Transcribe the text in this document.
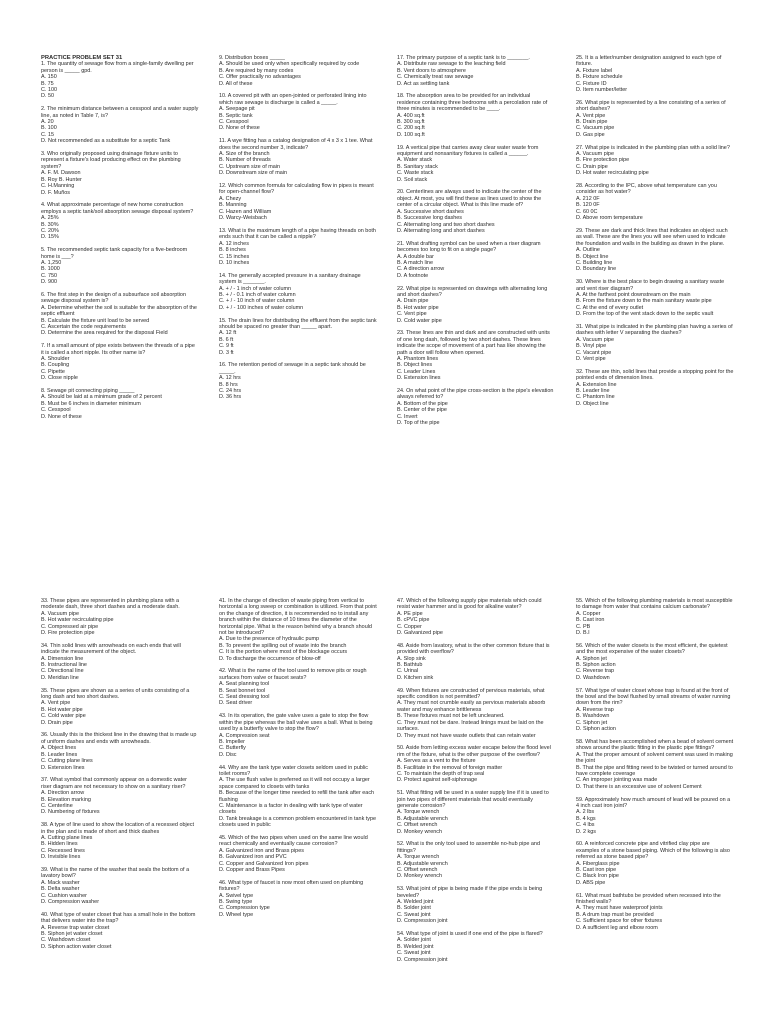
PRACTICE PROBLEM SET 31

1. The quantity of sewage flow from a single-family dwelling per person is _____ gpd.

A. 150

B. 75

C. 100

D. 50

2. The minimum distance between a cesspool and a water supply line, as noted in Table 7, is?

A. 20

B. 100

C. 15

D. Not recommended as a substitute for a septic Tank

3. Who originally proposed using drainage fixture units to represent a fixture's load producing effect on the plumbing system?

A. F. M. Dawson

B. Roy B. Hunter

C. H.Manning

D. F. Muños

4. What approximate percentage of new home construction employs a septic tank/soil absorption sewage disposal system?

A. 25%

B. 30%

C. 20%

D. 15%

5. The recommended septic tank capacity for a five-bedroom home is ___?

A. 1,250

B. 1000

C. 750

D. 900

6. The first step in the design of a subsurface soil absorption sewage disposal system is?

A. Determine whether the soil is suitable for the absorption of the septic effluent

B. Calculate the fixture unit load to be served

C. Ascertain the code requirements

D. Determine the area required for the disposal Field

7. If a small amount of pipe exists between the threads of a pipe it is called a short nipple. Its other name is?

A. Shoulder

B. Coupling

C. Pipette

D. Close nipple

8. Sewage pit connecting piping _____

A. Should be laid at a minimum grade of 2 percent

B. Must be 6 inches in diameter minimum

C. Cesspool

D. None of these

9. Distribution boxes _____

A. Should be used only when specifically required by code

B. Are required by many codes

C. Offer practically no advantages

D. All of these

10. A covered pit with an open-jointed or perforated lining into which raw sewage is discharge is called a _____.

A. Seepage pit

B. Septic tank

C. Cesspool

D. None of these

11. A wye fitting has a catalog designation of 4 x 3 x 1 tee. What does the second number 3, indicate?

A. Size of the branch

B. Number of threads

C. Upstream size of main

D. Downstream size of main

12. Which common formula for calculating flow in pipes is meant for open-channel flow?

A. Chezy

B. Manning

C. Hazen and William

D. Warcy-Weisbach

13. What is the maximum length of a pipe having threads on both ends such that it can be called a nipple?

A. 12 inches

B. 8 inches

C. 15 inches

D. 10 inches

14. The generally accepted pressure in a sanitary drainage system is _______.

A. + / - 1 inch of water column

B. + / - 0.1 inch of water column

C. + / - 10 inch of water column

D. + / - 100 inches of water column

15. The drain lines for distributing the effluent from the septic tank should be spaced no greater than _____ apart.

A. 12 ft

B. 6 ft

C. 9 ft

D. 3 ft

16. The retention period of sewage in a septic tank should be _____.

A. 12 hrs

B. 8 hrs

C. 24 hrs

D. 36 hrs

17. The primary purpose of a septic tank is to _______.

A. Distribute raw sewage to the leaching field

B. Vent doors to atmosphere

C. Chemically treat raw sewage

D. Act as settling tank

18. The absorption area to be provided for an individual residence containing three bedrooms with a percolation rate of three minutes is recommended to be ____.

A. 400 sq.ft

B. 300 sq.ft

C. 200 sq.ft

D. 100 sq.ft

19. A vertical pipe that carries away clear water waste from equipment and nonsanitary fixtures is called a ______.

A. Water stack

B. Sanitary stack

C. Waste stack

D. Soil stack

20. Centerlines are always used to indicate the center of the object. At most, you will find these as lines used to show the center of a circular object. What is this line made of?

A. Successive short dashes

B. Successive long dashes

C. Alternating long and two short dashes

D. Alternating long and short dashes

21. What drafting symbol can be used when a riser diagram becomes too long to fit on a single page?

A. A double bar

B. A match line

C. A direction arrow

D. A footnote

22. What pipe is represented on drawings with alternating long and short dashes?

A. Drain pipe

B. Hot water pipe

C. Vent pipe

D. Cold water pipe

23. These lines are thin and dark and are constructed with units of one long dash, followed by two short dashes. These lines indicate the scope of movement of a part has like showing the path a door will follow when opened.

A. Phantom lines

B. Object lines

C. Leader Lines

D. Extension lines

24. On what point of the pipe cross-section is the pipe's elevation always referred to?

A. Bottom of the pipe

B. Center of the pipe

C. Invert

D. Top of the pipe

25. It is a letter/number designation assigned to each type of fixture.

A. Fixture label

B. Fixture schedule

C. Fixture ID

D. Item number/letter

26. What pipe is represented by a line consisting of a series of short dashes?

A. Vent pipe

B. Drain pipe

C. Vacuum pipe

D. Gas pipe

27. What pipe is indicated in the plumbing plan with a solid line?

A. Vacuum pipe

B. Fire protection pipe

C. Drain pipe

D. Hot water recirculating pipe

28. According to the IPC, above what temperature can you consider as hot water?

A. 212 0F

B. 120 0F

C. 60 0C

D. Above room temperature

29. These are dark and thick lines that indicates an object such as wall. These are the lines you will see when used to indicate the foundation and walls in the building as drawn in the plane.

A. Outline

B. Object line

C. Building line

D. Boundary line

30. Where is the best place to begin drawing a sanitary waste and vent riser diagram?

A. At the farthest point downstream on the main

B. From the fixture down to the main sanitary waste pipe

C. At the end of every outlet

D. From the top of the vent stack down to the septic vault

31. What pipe is indicated in the plumbing plan having a series of dashes with letter V separating the dashes?

A. Vacuum pipe

B. Vinyl pipe

C. Vacant pipe

D. Vent pipe

32. These are thin, solid lines that provide a stopping point for the pointed ends of dimension lines.

A. Extension line

B. Leader line

C. Phantom line

D. Object line

33. These pipes are represented in plumbing plans with a moderate dash, three short dashes and a moderate dash.

A. Vacuum pipe

B. Hot water recirculating pipe

C. Compressed air pipe

D. Fire protection pipe

34. Thin solid lines with arrowheads on each ends that will indicate the measurement of the object.

A. Dimension line

B. Instructional line

C. Directional line

D. Meridian line

35. These pipes are shown as a series of units consisting of a long dash and two short dashes.

A. Vent pipe

B. Hot water pipe

C. Cold water pipe

D. Drain pipe

36. Usually this is the thickest line in the drawing that is made up of uniform dashes and ends with arrowheads.

A. Object lines

B. Leader lines

C. Cutting plane lines

D. Extension lines

37. What symbol that commonly appear on a domestic water riser diagram are not necessary to show on a sanitary riser?

A. Direction arrow

B. Elevation marking

C. Centerline

D. Numbering of fixtures

38. A type of line used to show the location of a recessed object in the plan and is made of short and thick dashes

A. Cutting plane lines

B. Hidden lines

C. Recessed lines

D. Invisible lines

39. What is the name of the washer that seals the bottom of a lavatory bowl?

A. Mack washer

B. Delta washer

C. Cushion washer

D. Compression washer

40. What type of water closet that has a small hole in the bottom that delivers water into the trap?

A. Reverse trap water closet

B. Siphon jet water closet

C. Washdown closet

D. Siphon action water closet

41. In the change of direction of waste piping from vertical to horizontal a long sweep or combination is utilized. From that point on the change of direction, it is recommended no to install any branch within the distance of 10 times the diameter of the horizontal pipe. What is the reason behind why a branch should not be introduced?

A. Due to the presence of hydraulic pump

B. To prevent the spilling out of waste into the branch

C. It is the portion where most of the blockage occurs

D. To discharge the occurrence of blow-off

42. What is the name of the tool used to remove pits or rough surfaces from valve or faucet seats?

A. Seat planning tool

B. Seat bonnet tool

C. Seat dressing tool

D. Seat driver

43. In its operation, the gate valve uses a gate to stop the flow within the pipe whereas the ball valve uses a ball. What is being used by a butterfly valve to stop the flow?

A. Compression seat

B. Impeller

C. Butterfly

D. Disc

44. Why are the tank type water closets seldom used in public toilet rooms?

A. The use flush valve is preferred as it will not occupy a larger space compared to closets with tanks

B. Because of the longer time needed to refill the tank after each flushing

C. Maintenance is a factor in dealing with tank type of water closets

D. Tank breakage is a common problem encountered in tank type closets used in public

45. Which of the two pipes when used on the same line would react chemically and eventually cause corrosion?

A. Galvanized iron and Brass pipes

B. Galvanized iron and PVC

C. Copper and Galvanized Iron pipes

D. Copper and Brass Pipes

46. What type of faucet is now most often used on plumbing fixtures?

A. Swivel type

B. Swing type

C. Compression type

D. Wheel type

47. Which of the following supply pipe materials which could resist water hammer and is good for alkaline water?

A. PE pipe

B. cPVC pipe

C. Copper

D. Galvanized pipe

48. Aside from lavatory, what is the other common fixture that is provided with overflow?

A. Slop sink

B. Bathtub

C. Urinal

D. Kitchen sink

49. When fixtures are constructed of pervious materials, what specific condition is not permitted?

A. They must not crumble easily as pervious materials absorb water and may enhance brittleness

B. These fixtures must not be left uncleaned.

C. They must not be dare. Instead linings must be laid on the surfaces.

D. They must not have waste outlets that can retain water

50. Aside from letting excess water escape below the flood level rim of the fixture, what is the other purpose of the overflow?

A. Serves as a vent to the fixture

B. Facilitate in the removal of foreign matter

C. To maintain the depth of trap seal

D. Protect against self-siphonage

51. What fitting will be used in a water supply line if it is used to join two pipes of different materials that would eventually generate corrosion?

A. Torque wrench

B. Adjustable wrench

C. Offset wrench

D. Monkey wrench

52. What is the only tool used to assemble no-hub pipe and fittings?

A. Torque wrench

B. Adjustable wrench

C. Offset wrench

D. Monkey wrench

53. What joint of pipe is being made if the pipe ends is being beveled?

A. Welded joint

B. Solder joint

C. Sweat joint

D. Compression joint

54. What type of joint is used if one end of the pipe is flared?

A. Solder joint

B. Welded joint

C. Sweat joint

D. Compression joint

55. Which of the following plumbing materials is most susceptible to damage from water that contains calcium carbonate?

A. Copper

B. Cast iron

C. PB

D. B.I

56. Which of the water closets is the most efficient, the quietest and the most expensive of the water closets?

A. Siphon jet

B. Siphon action

C. Reverse trap

D. Washdown

57. What type of water closet whose trap is found at the front of the bowl and the bowl flushed by small streams of water running down from the rim?

A. Reverse trap

B. Washdown

C. Siphon jet

D. Siphon action

58. What has been accomplished when a bead of solvent cement shows around the plastic fitting in the plastic pipe fittings?

A. That the proper amount of solvent cement was used in making the joint

B. That the pipe and fitting need to be twisted or turned around to have complete coverage

C. An improper jointing was made

D. That there is an excessive use of solvent Cement

59. Approximately how much amount of lead will be poured on a 4 inch cast iron joint?

A. 2 lbs

B. 4 kgs

C. 4 lbs

D. 2 kgs

60. A reinforced concrete pipe and vitrified clay pipe are examples of a stone based piping. Which of the following is also referred as stone based pipe?

A. Fiberglass pipe

B. Cast iron pipe

C. Black Iron pipe

D. ABS pipe

61. What must bathtubs be provided when recessed into the finished walls?

A. They must have waterproof joints

B. A drum trap must be provided

C. Sufficient space for other fixtures

D. A sufficient leg and elbow room
